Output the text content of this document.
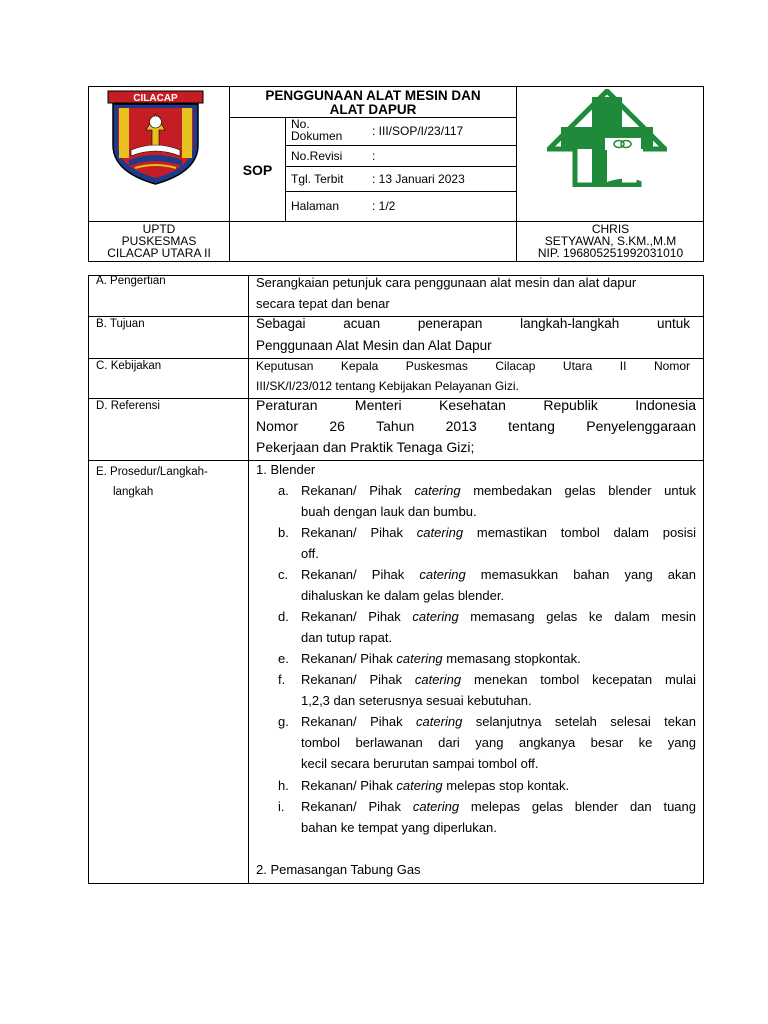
CILACAP	PENGGUNAAN ALAT MESIN DAN
ALAT DAPUR
SOP
No.
Dokumen : III/SOP/I/23/117
No.Revisi :
Tgl. Terbit : 13 Januari 2023
Halaman	: 1/2
UPTD
PUSKESMAS
CILACAP UTARA II
CHRIS
SETYAWAN, S.KM.,M.M
NIP. 196805251992031010
A. Pengertian	Serangkaian petunjuk cara penggunaan alat mesin dan alat dapur
secara tepat dan benar
B. Tujuan	Sebagai acuan penerapan langkah-langkah untuk
Penggunaan Alat Mesin dan Alat Dapur
C. Kebijakan	Keputusan Kepala Puskesmas Cilacap Utara II Nomor
III/SK/I/23/012 tentang Kebijakan Pelayanan Gizi.
D. Referensi	Peraturan Menteri Kesehatan Republik Indonesia
Nomor 26 Tahun 2013 tentang Penyelenggaraan
Pekerjaan dan Praktik Tenaga Gizi;
E. Prosedur/Langkah-
langkah
1. Blender
a. Rekanan/ Pihak catering membedakan gelas blender untuk
buah dengan lauk dan bumbu.
b. Rekanan/ Pihak catering memastikan tombol dalam posisi
off.
c. Rekanan/ Pihak catering memasukkan bahan yang akan
dihaluskan ke dalam gelas blender.
d. Rekanan/ Pihak catering memasang gelas ke dalam mesin
dan tutup rapat.
e. Rekanan/ Pihak catering memasang stopkontak.
f. Rekanan/ Pihak catering menekan tombol kecepatan mulai
1,2,3 dan seterusnya sesuai kebutuhan.
g. Rekanan/ Pihak catering selanjutnya setelah selesai tekan
tombol berlawanan dari yang angkanya besar ke yang
kecil secara berurutan sampai tombol off.
h. Rekanan/ Pihak catering melepas stop kontak.
i. Rekanan/ Pihak catering melepas gelas blender dan tuang
bahan ke tempat yang diperlukan.
2. Pemasangan Tabung Gas
